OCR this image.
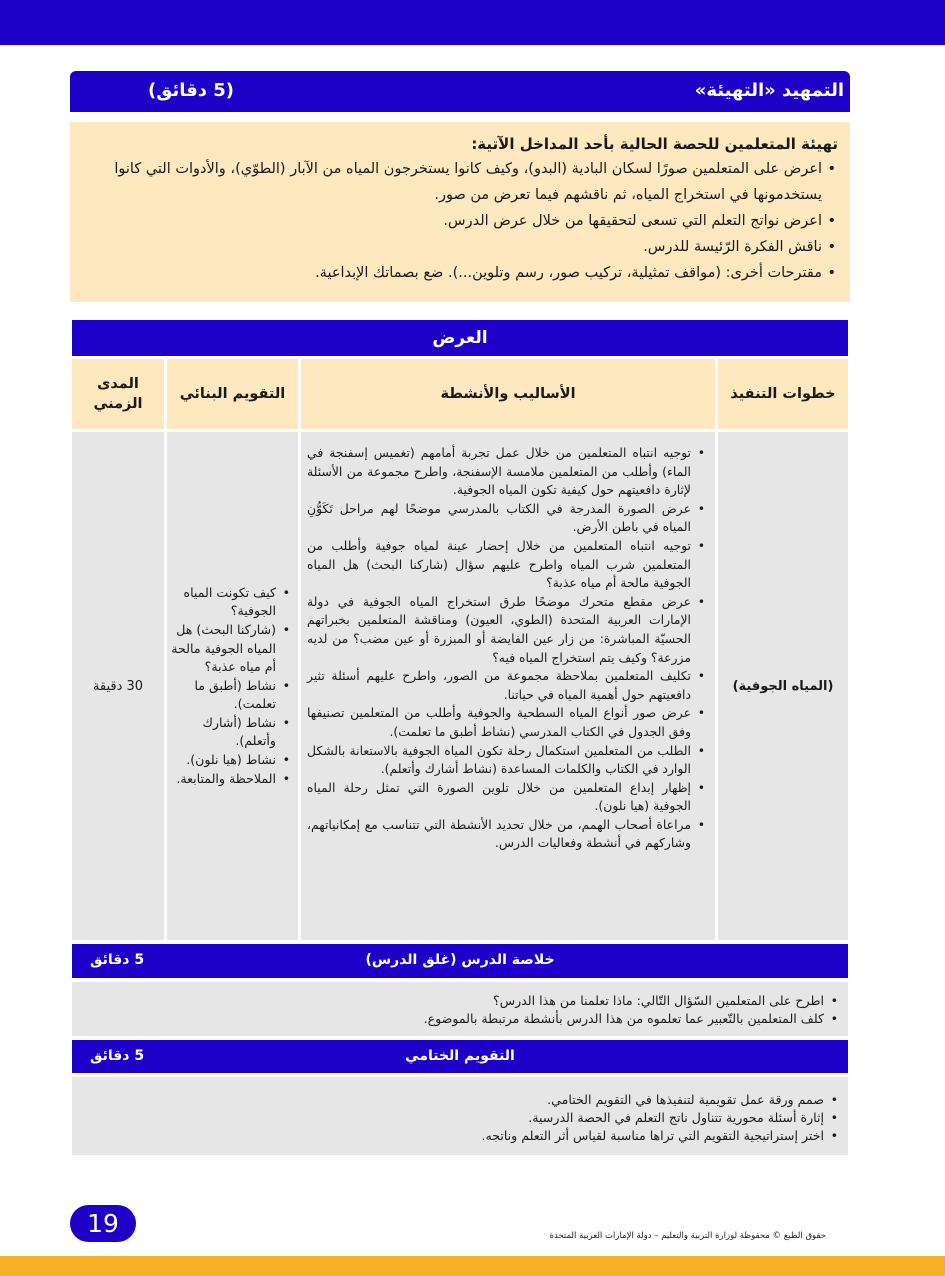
التمهيد «التهيئة»
(5 دقائق)
تهيئة المتعلمين للحصة الحالية بأحد المداخل الآتية:
• اعرض على المتعلمين صورًا لسكان البادية (البدو)، وكيف كانوا يستخرجون المياه من الآبار (الطوّي)، والأدوات التي كانوا يستخدمونها في استخراج المياه، ثم ناقشهم فيما تعرض من صور.
• اعرض نواتج التعلم التي تسعى لتحقيقها من خلال عرض الدرس.
• ناقش الفكرة الرّئيسة للدرس.
• مقترحات أخرى: (مواقف تمثيلية، تركيب صور، رسم وتلوين...). ضع بصماتك الإبداعية.
العرض
خطوات التنفيذ
الأساليب والأنشطة
التقويم البنائي
المدى الزمني
(المياه الجوفية)
• توجيه انتباه المتعلمين من خلال عمل تجربة أمامهم (تغميس إسفنجة في الماء) وأطلب من المتعلمين ملامسة الإسفنجة، واطرح مجموعة من الأسئلة لإثارة دافعيتهم حول كيفية تكون المياه الجوفية.
• عرض الصورة المدرجة في الكتاب بالمدرسي موضحًا لهم مراحل تَكَوُّنِ المياه في باطن الأرض.
• توجيه انتباه المتعلمين من خلال إحضار عينة لمياه جوفية وأطلب من المتعلمين شرب المياه واطرح عليهم سؤال (شاركنا البحث) هل المياه الجوفية مالحة أم مياه عذبة؟
• عرض مقطع متحرك موضحًا طرق استخراج المياه الجوفية في دولة الإمارات العربية المتحدة (الطوي، العيون) ومناقشة المتعلمين بخبراتهم الحسيّة المباشرة: من زار عين الفايضة أو المبزرة أو عين مضب؟ من لديه مزرعة؟ وكيف يتم استخراج المياه فيه؟
• تكليف المتعلمين بملاحظة مجموعة من الصور، واطرح عليهم أسئلة تثير دافعيتهم حول أهمية المياه في حياتنا.
• عرض صور أنواع المياه السطحية والجوفية وأطلب من المتعلمين تصنيفها وفق الجدول في الكتاب المدرسي (نشاط أطبق ما تعلمت).
• الطلب من المتعلمين استكمال رحلة تكون المياه الجوفية بالاستعانة بالشكل الوارد في الكتاب والكلمات المساعدة (نشاط أشارك وأتعلم).
• إظهار إبداع المتعلمين من خلال تلوين الصورة التي تمثل رحلة المياه الجوفية (هيا نلون).
• مراعاة أصحاب الهمم، من خلال تحديد الأنشطة التي تتناسب مع إمكانياتهم، وشاركهم في أنشطة وفعاليات الدرس.
• كيف تكونت المياه الجوفية؟
• (شاركنا البحث) هل المياه الجوفية مالحة أم مياه عذبة؟
• نشاط (أطبق ما تعلمت).
• نشاط (أشارك وأتعلم).
• نشاط (هيا نلون).
• الملاحظة والمتابعة.
30 دقيقة
خلاصة الدرس (غلق الدرس)
5 دقائق
• اطرح على المتعلمين السّؤال التّالي: ماذا تعلمنا من هذا الدرس؟
• كلف المتعلمين بالتّعبير عما تعلموه من هذا الدرس بأنشطة مرتبطة بالموضوع.
التقويم الختامي
5 دقائق
• صمم ورقة عمل تقويمية لتنفيذها في التقويم الختامي.
• إثارة أسئلة محورية تتناول ناتج التعلم في الحصة الدرسية.
• اختر إستراتيجية التقويم التي تراها مناسبة لقياس أثر التعلم وناتجه.
19	حقوق الطبع © محفوظة لوزارة التربية والتعليم – دولة الإمارات العربية المتحدة
